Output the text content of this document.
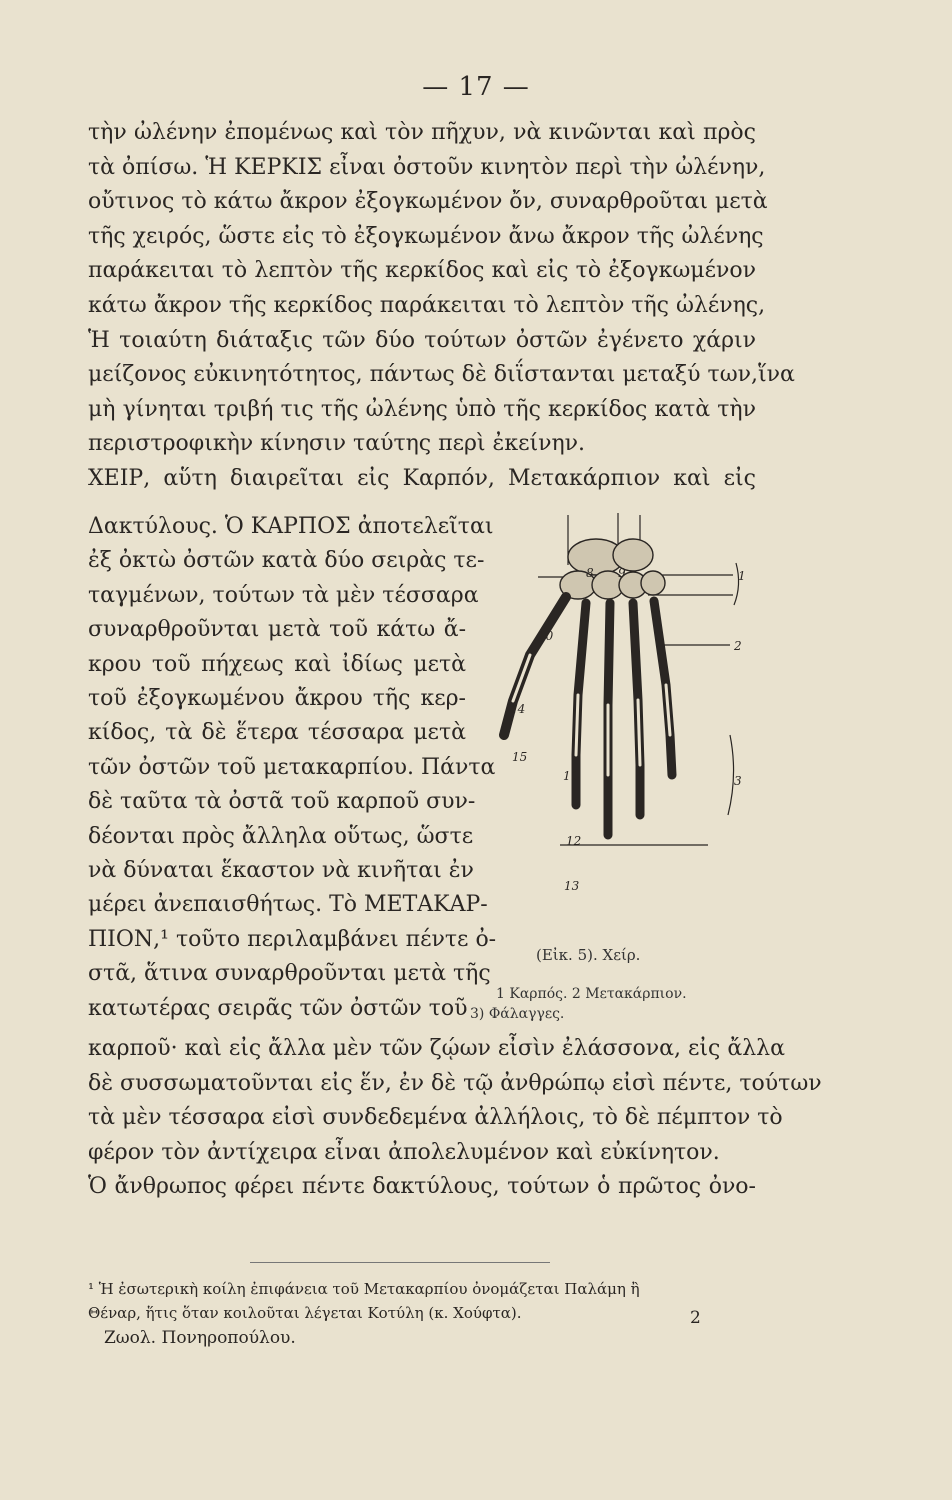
— 17 —
τὴν ὠλένην ἐπομένως καὶ τὸν πῆχυν, νὰ κινῶνται καὶ πρὸς
τὰ ὀπίσω. Ἡ ΚΕΡΚΙΣ εἶναι ὀστοῦν κινητὸν περὶ τὴν ὠλένην,
οὔτινος τὸ κάτω ἄκρον ἐξογκωμένον ὄν, συναρθροῦται μετὰ
τῆς χειρός, ὥστε εἰς τὸ ἐξογκωμένον ἄνω ἄκρον τῆς ὠλένης
παράκειται τὸ λεπτὸν τῆς κερκίδος καὶ εἰς τὸ ἐξογκωμένον
κάτω ἄκρον τῆς κερκίδος παράκειται τὸ λεπτὸν τῆς ὠλένης,
Ἡ τοιαύτη διάταξις τῶν δύο τούτων ὀστῶν ἐγένετο χάριν
μείζονος εὐκινητότητος, πάντως δὲ διΐστανται μεταξύ των,ἵνα
μὴ γίνηται τριβή τις τῆς ὠλένης ὑπὸ τῆς κερκίδος κατὰ τὴν
περιστροφικὴν κίνησιν ταύτης περὶ ἐκείνην.
ΧΕΙΡ, αὕτη διαιρεῖται εἰς Καρπόν, Μετακάρπιον καὶ εἰς
Δακτύλους. Ὁ ΚΑΡΠΟΣ ἀποτελεῖται
ἐξ ὀκτὼ ὀστῶν κατὰ δύο σειρὰς τε-
ταγμένων, τούτων τὰ μὲν τέσσαρα
συναρθροῦνται μετὰ τοῦ κάτω ἄ-
κρου τοῦ πήχεως καὶ ἰδίως μετὰ
τοῦ ἐξογκωμένου ἄκρου τῆς κερ-
κίδος, τὰ δὲ ἕτερα τέσσαρα μετὰ
τῶν ὀστῶν τοῦ μετακαρπίου. Πάντα
δὲ ταῦτα τὰ ὀστᾶ τοῦ καρποῦ συν-
δέονται πρὸς ἄλληλα οὕτως, ὥστε
νὰ δύναται ἕκαστον νὰ κινῆται ἐν
μέρει ἀνεπαισθήτως. Τὸ ΜΕΤΑΚΑΡ-
ΠΙΟΝ,¹ τοῦτο περιλαμβάνει πέντε ὀ-
στᾶ, ἅτινα συναρθροῦνται μετὰ τῆς
κατωτέρας σειρᾶς τῶν ὀστῶν τοῦ
καρποῦ· καὶ εἰς ἄλλα μὲν τῶν ζῴων εἶσὶν ἐλάσσονα, εἰς ἄλλα
δὲ συσσωματοῦνται εἰς ἕν, ἐν δὲ τῷ ἀνθρώπῳ εἰσὶ πέντε, τούτων
τὰ μὲν τέσσαρα εἰσὶ συνδεδεμένα ἀλλήλοις, τὸ δὲ πέμπτον τὸ
φέρον τὸν ἀντίχειρα εἶναι ἀπολελυμένον καὶ εὐκίνητον.
Ὁ ἄνθρωπος φέρει πέντε δακτύλους, τούτων ὁ πρῶτος ὀνο-
1
2
3
8 9
10
11
12
13
14
15
(Εἰκ. 5). Χείρ.
1 Καρπός. 2 Μετακάρπιον.
3) Φάλαγγες.
¹ Ἡ ἐσωτερικὴ κοίλη ἐπιφάνεια τοῦ Μετακαρπίου ὀνομάζεται Παλάμη ἢ
Θέναρ, ἥτις ὅταν κοιλοῦται λέγεται Κοτύλη (κ. Χούφτα).
Ζωολ. Πονηροπούλου.
2
